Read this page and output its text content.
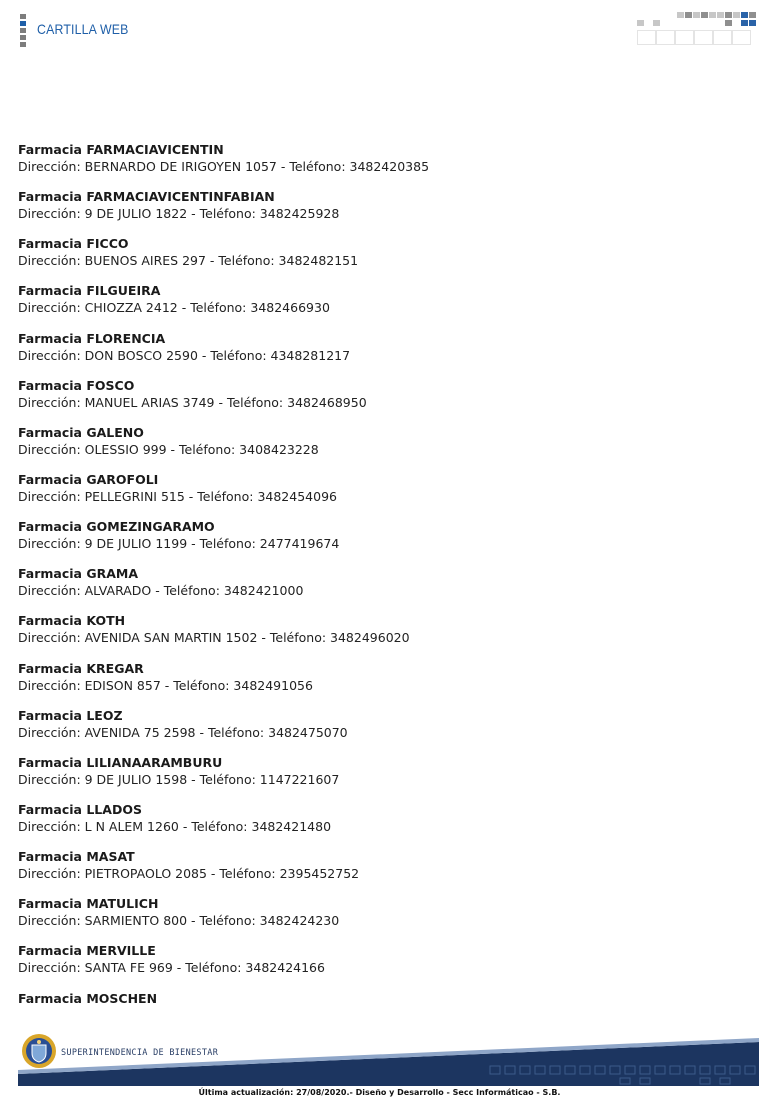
CARTILLA WEB
Farmacia FARMACIAVICENTIN
Dirección: BERNARDO DE IRIGOYEN 1057 - Teléfono: 3482420385
Farmacia FARMACIAVICENTINFABIAN
Dirección: 9 DE JULIO 1822 - Teléfono: 3482425928
Farmacia FICCO
Dirección: BUENOS AIRES 297 - Teléfono: 3482482151
Farmacia FILGUEIRA
Dirección: CHIOZZA 2412 - Teléfono: 3482466930
Farmacia FLORENCIA
Dirección: DON BOSCO 2590 - Teléfono: 4348281217
Farmacia FOSCO
Dirección: MANUEL ARIAS 3749 - Teléfono: 3482468950
Farmacia GALENO
Dirección: OLESSIO 999 - Teléfono: 3408423228
Farmacia GAROFOLI
Dirección: PELLEGRINI 515 - Teléfono: 3482454096
Farmacia GOMEZINGARAMO
Dirección: 9 DE JULIO 1199 - Teléfono: 2477419674
Farmacia GRAMA
Dirección: ALVARADO - Teléfono: 3482421000
Farmacia KOTH
Dirección: AVENIDA SAN MARTIN 1502 - Teléfono: 3482496020
Farmacia KREGAR
Dirección: EDISON 857 - Teléfono: 3482491056
Farmacia LEOZ
Dirección: AVENIDA 75 2598 - Teléfono: 3482475070
Farmacia LILIANAARAMBURU
Dirección: 9 DE JULIO 1598 - Teléfono: 1147221607
Farmacia LLADOS
Dirección: L N ALEM 1260 - Teléfono: 3482421480
Farmacia MASAT
Dirección: PIETROPAOLO 2085 - Teléfono: 2395452752
Farmacia MATULICH
Dirección: SARMIENTO 800 - Teléfono: 3482424230
Farmacia MERVILLE
Dirección: SANTA FE 969 - Teléfono: 3482424166
Farmacia MOSCHEN
SUPERINTENDENCIA DE BIENESTAR
Última actualización: 27/08/2020.- Diseño y Desarrollo - Secc Informáticao - S.B.
